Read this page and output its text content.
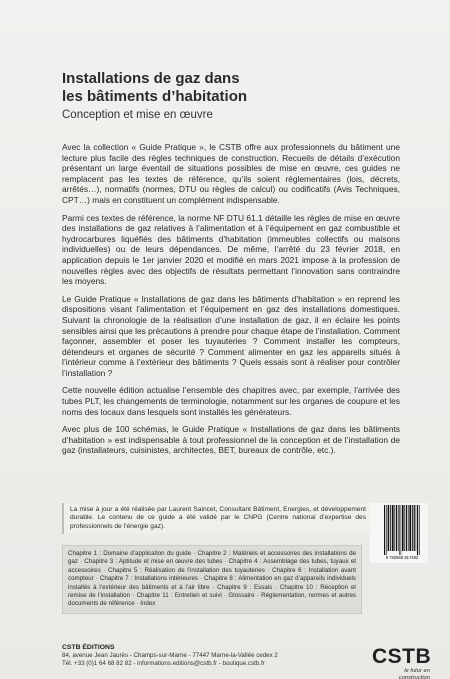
Installations de gaz dans
les bâtiments d’habitation
Conception et mise en œuvre

Avec la collection « Guide Pratique », le CSTB offre aux professionnels du bâtiment une lecture plus facile des règles techniques de construction. Recueils de détails d’exécution présentant un large éventail de situations possibles de mise en œuvre, ces guides ne remplacent pas les textes de référence, qu’ils soient réglementaires (lois, décrets, arrêtés…), normatifs (normes, DTU ou règles de calcul) ou codificatifs (Avis Techniques, CPT…) mais en constituent un complément indispensable.

Parmi ces textes de référence, la norme NF DTU 61.1 détaille les règles de mise en œuvre des installations de gaz relatives à l’alimentation et à l’équipement en gaz combustible et hydrocarbures liquéfiés des bâtiments d’habitation (immeubles collectifs ou maisons individuelles) ou de leurs dépendances. De même, l’arrêté du 23 février 2018, en application depuis le 1er janvier 2020 et modifié en mars 2021 impose à la profession de nouvelles règles avec des objectifs de résultats permettant l’innovation sans contraindre les moyens.

Le Guide Pratique « Installations de gaz dans les bâtiments d’habitation » en reprend les dispositions visant l’alimentation et l’équipement en gaz des installations domestiques. Suivant la chronologie de la réalisation d’une installation de gaz, il en éclaire les points sensibles ainsi que les précautions à prendre pour chaque étape de l’installation. Comment façonner, assembler et poser les tuyauteries ? Comment installer les compteurs, détendeurs et organes de sécurité ? Comment alimenter en gaz les appareils situés à l’intérieur comme à l’extérieur des bâtiments ? Quels essais sont à réaliser pour contrôler l’installation ?

Cette nouvelle édition actualise l’ensemble des chapitres avec, par exemple, l’arrivée des tubes PLT, les changements de terminologie, notamment sur les organes de coupure et les noms des locaux dans lesquels sont installés les générateurs.

Avec plus de 100 schémas, le Guide Pratique « Installations de gaz dans les bâtiments d’habitation » est indispensable à tout professionnel de la conception et de l’installation de gaz (installateurs, cuisinistes, architectes, BET, bureaux de contrôle, etc.).

La mise à jour a été réalisée par Laurent Saincet, Consultant Bâtiment, Energies, et développement durable. Le contenu de ce guide a été validé par le CNPG (Centre national d’expertise des professionnels de l’énergie gaz).

Chapitre 1 : Domaine d’application du guide · Chapitre 2 : Matériels et accessoires des installations de gaz · Chapitre 3 : Aptitude et mise en œuvre des tubes · Chapitre 4 : Assemblage des tubes, tuyaux et accessoires · Chapitre 5 : Réalisation de l’installation des tuyauteries · Chapitre 6 : Installation avant compteur · Chapitre 7 : Installations intérieures · Chapitre 8 : Alimentation en gaz d’appareils individuels installés à l’extérieur des bâtiments et à l’air libre · Chapitre 9 : Essais · Chapitre 10 : Réception et remise de l’installation · Chapitre 11 : Entretien et suivi · Glossaire · Réglementation, normes et autres documents de référence · Index

9 782868 917492
CSTB ÉDITIONS
84, avenue Jean Jaurès - Champs-sur-Marne - 77447 Marne-la-Vallée cedex 2
Tél. +33 (0)1 64 68 82 82 - informations.editions@cstb.fr - boutique.cstb.fr	CSTB
le futur en construction
